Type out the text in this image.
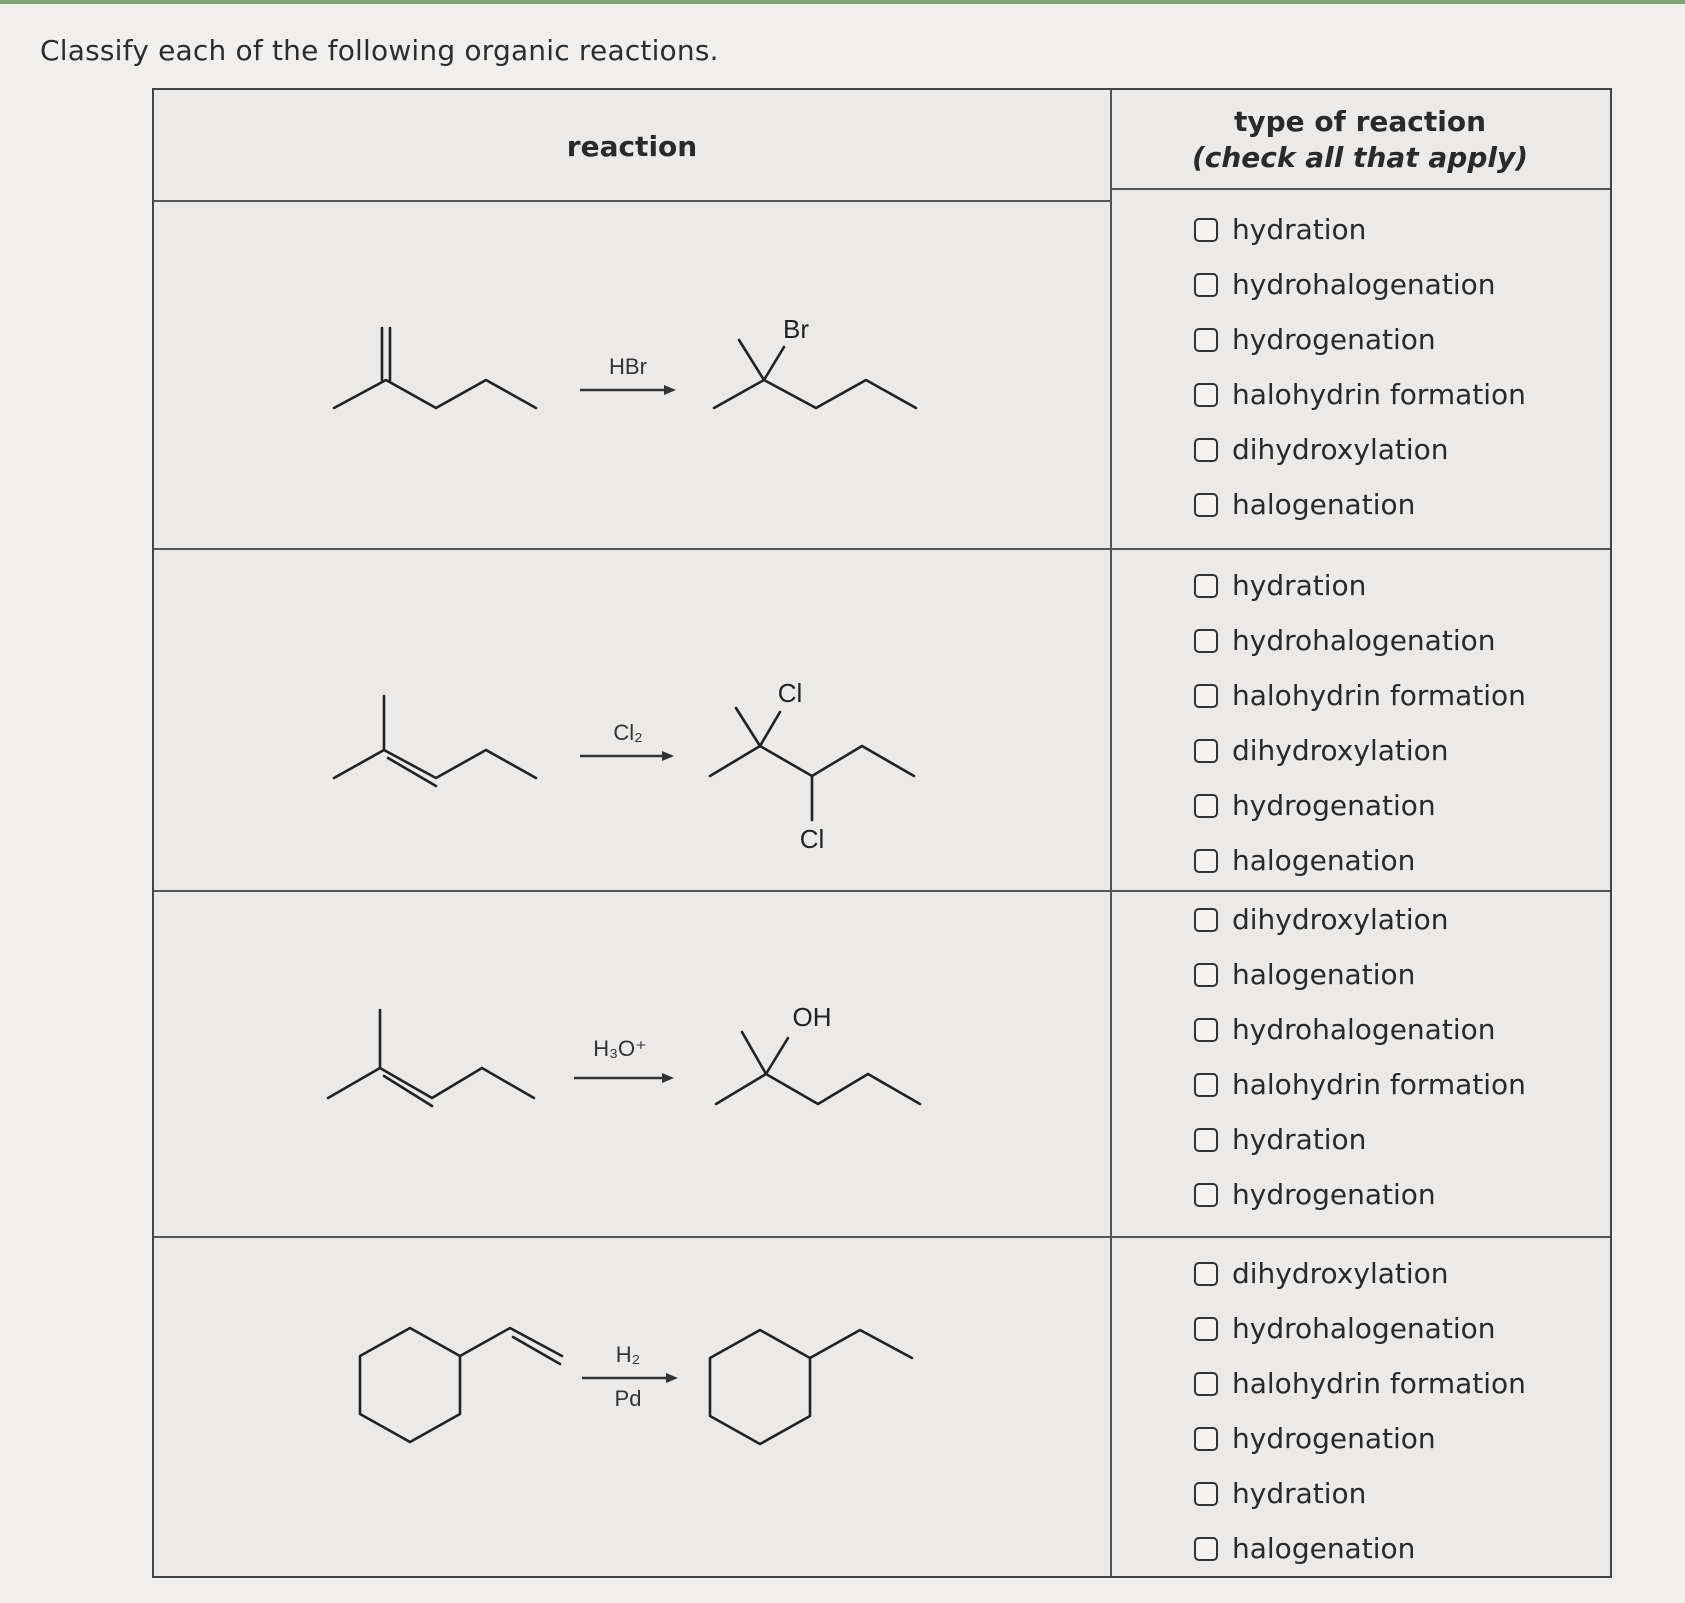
Classify each of the following organic reactions.
reaction
type of reaction
(check all that apply)
HBr
Br
hydration
hydrohalogenation
hydrogenation
halohydrin formation
dihydroxylation
halogenation
Cl₂
Cl
Cl
hydration
hydrohalogenation
halohydrin formation
dihydroxylation
hydrogenation
halogenation
H₃O⁺
OH
dihydroxylation
halogenation
hydrohalogenation
halohydrin formation
hydration
hydrogenation
H₂
Pd
dihydroxylation
hydrohalogenation
halohydrin formation
hydrogenation
hydration
halogenation
